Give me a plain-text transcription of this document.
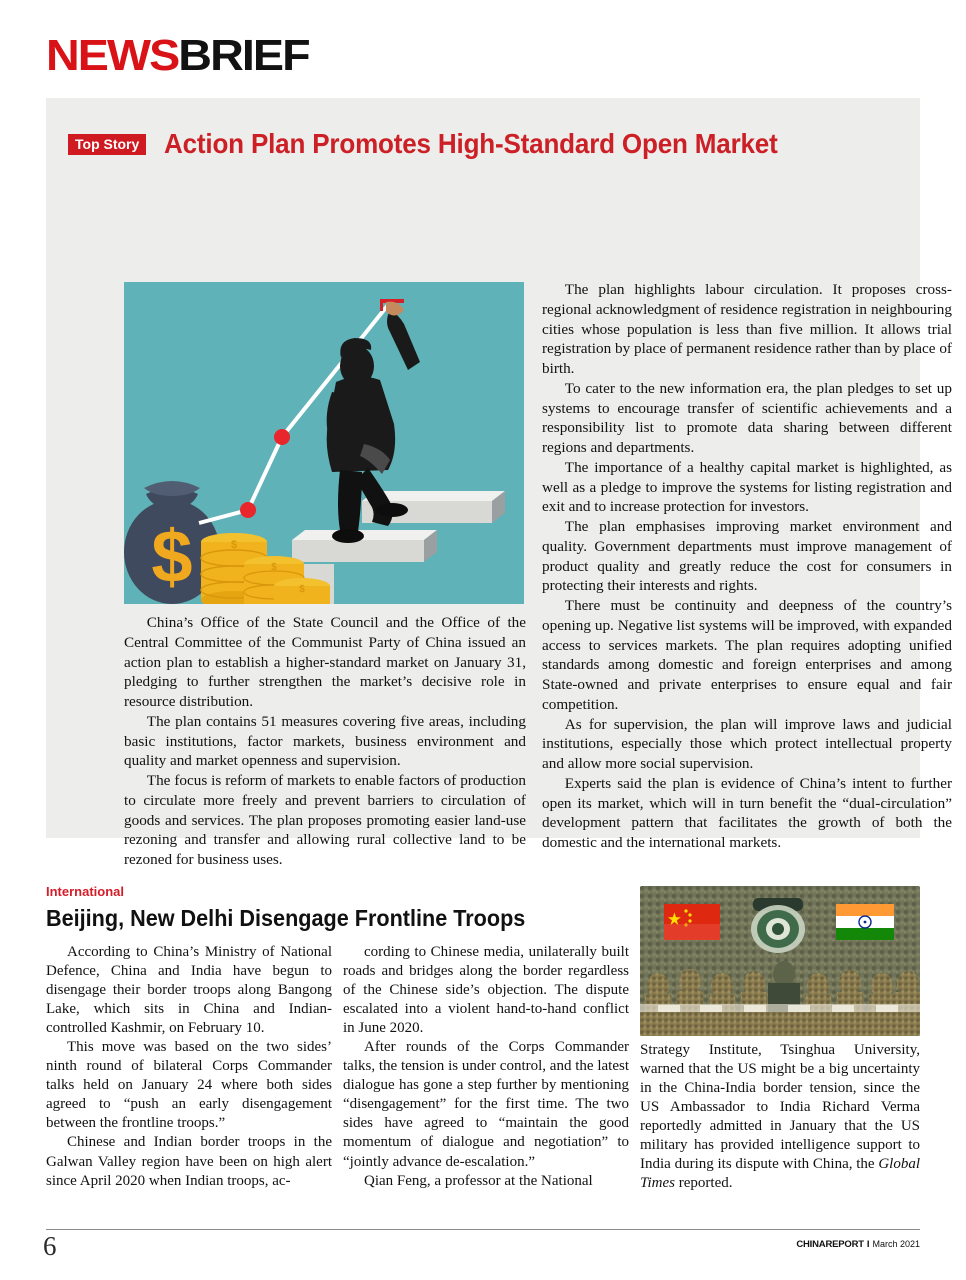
NEWSBRIEF
Top Story Action Plan Promotes High-Standard Open Market
$	$
$
$

China’s Office of the State Council and the Office of the Central Committee of the Communist Party of China issued an action plan to establish a higher-standard market on January 31, pledging to further strengthen the market’s decisive role in resource distribution.

The plan contains 51 measures covering five areas, including basic institutions, factor markets, business environment and quality and market openness and supervision.

The focus is reform of markets to enable factors of production to circulate more freely and prevent barriers to circulation of goods and services. The plan proposes promoting easier land-use rezoning and transfer and allowing rural collective land to be rezoned for business uses.

The plan highlights labour circulation. It proposes cross-regional acknowledgment of residence registration in neighbouring cities whose population is less than five million. It allows trial registration by place of permanent residence rather than by place of birth.

To cater to the new information era, the plan pledges to set up systems to encourage transfer of scientific achievements and a responsibility list to promote data sharing between different regions and departments.

The importance of a healthy capital market is highlighted, as well as a pledge to improve the systems for listing registration and exit and to increase protection for investors.

The plan emphasises improving market environment and quality. Government departments must improve management of product quality and greatly reduce the cost for consumers in protecting their interests and rights.

There must be continuity and deepness of the country’s opening up. Negative list systems will be improved, with expanded access to services markets. The plan requires adopting unified standards among domestic and foreign enterprises and among State-owned and private enterprises to ensure equal and fair competition.

As for supervision, the plan will improve laws and judicial institutions, especially those which protect intellectual property and allow more social supervision.

Experts said the plan is evidence of China’s intent to further open its market, which will in turn benefit the “dual-circulation” development pattern that facilitates the growth of both the domestic and the international markets.

International
Beijing, New Delhi Disengage Frontline Troops

According to China’s Ministry of National Defence, China and India have begun to disengage their border troops along Bangong Lake, which sits in China and Indian-controlled Kashmir, on February 10.

This move was based on the two sides’ ninth round of bilateral Corps Commander talks held on January 24 where both sides agreed to “push an early disengagement between the frontline troops.”

Chinese and Indian border troops in the Galwan Valley region have been on high alert since April 2020 when Indian troops, ac-

cording to Chinese media, unilaterally built roads and bridges along the border regardless of the Chinese side’s objection. The dispute escalated into a violent hand-to-hand conflict in June 2020.

After rounds of the Corps Commander talks, the tension is under control, and the latest dialogue has gone a step further by mentioning “disengagement” for the first time. The two sides have agreed to “maintain the good momentum of dialogue and negotiation” to “jointly advance de-escalation.”

Qian Feng, a professor at the National

Strategy Institute, Tsinghua University, warned that the US might be a big uncertainty in the China-India border tension, since the US Ambassador to India Richard Verma reportedly admitted in January that the US military has provided intelligence support to India during its dispute with China, the Global Times reported.

6	CHINAREPORT I March 2021
